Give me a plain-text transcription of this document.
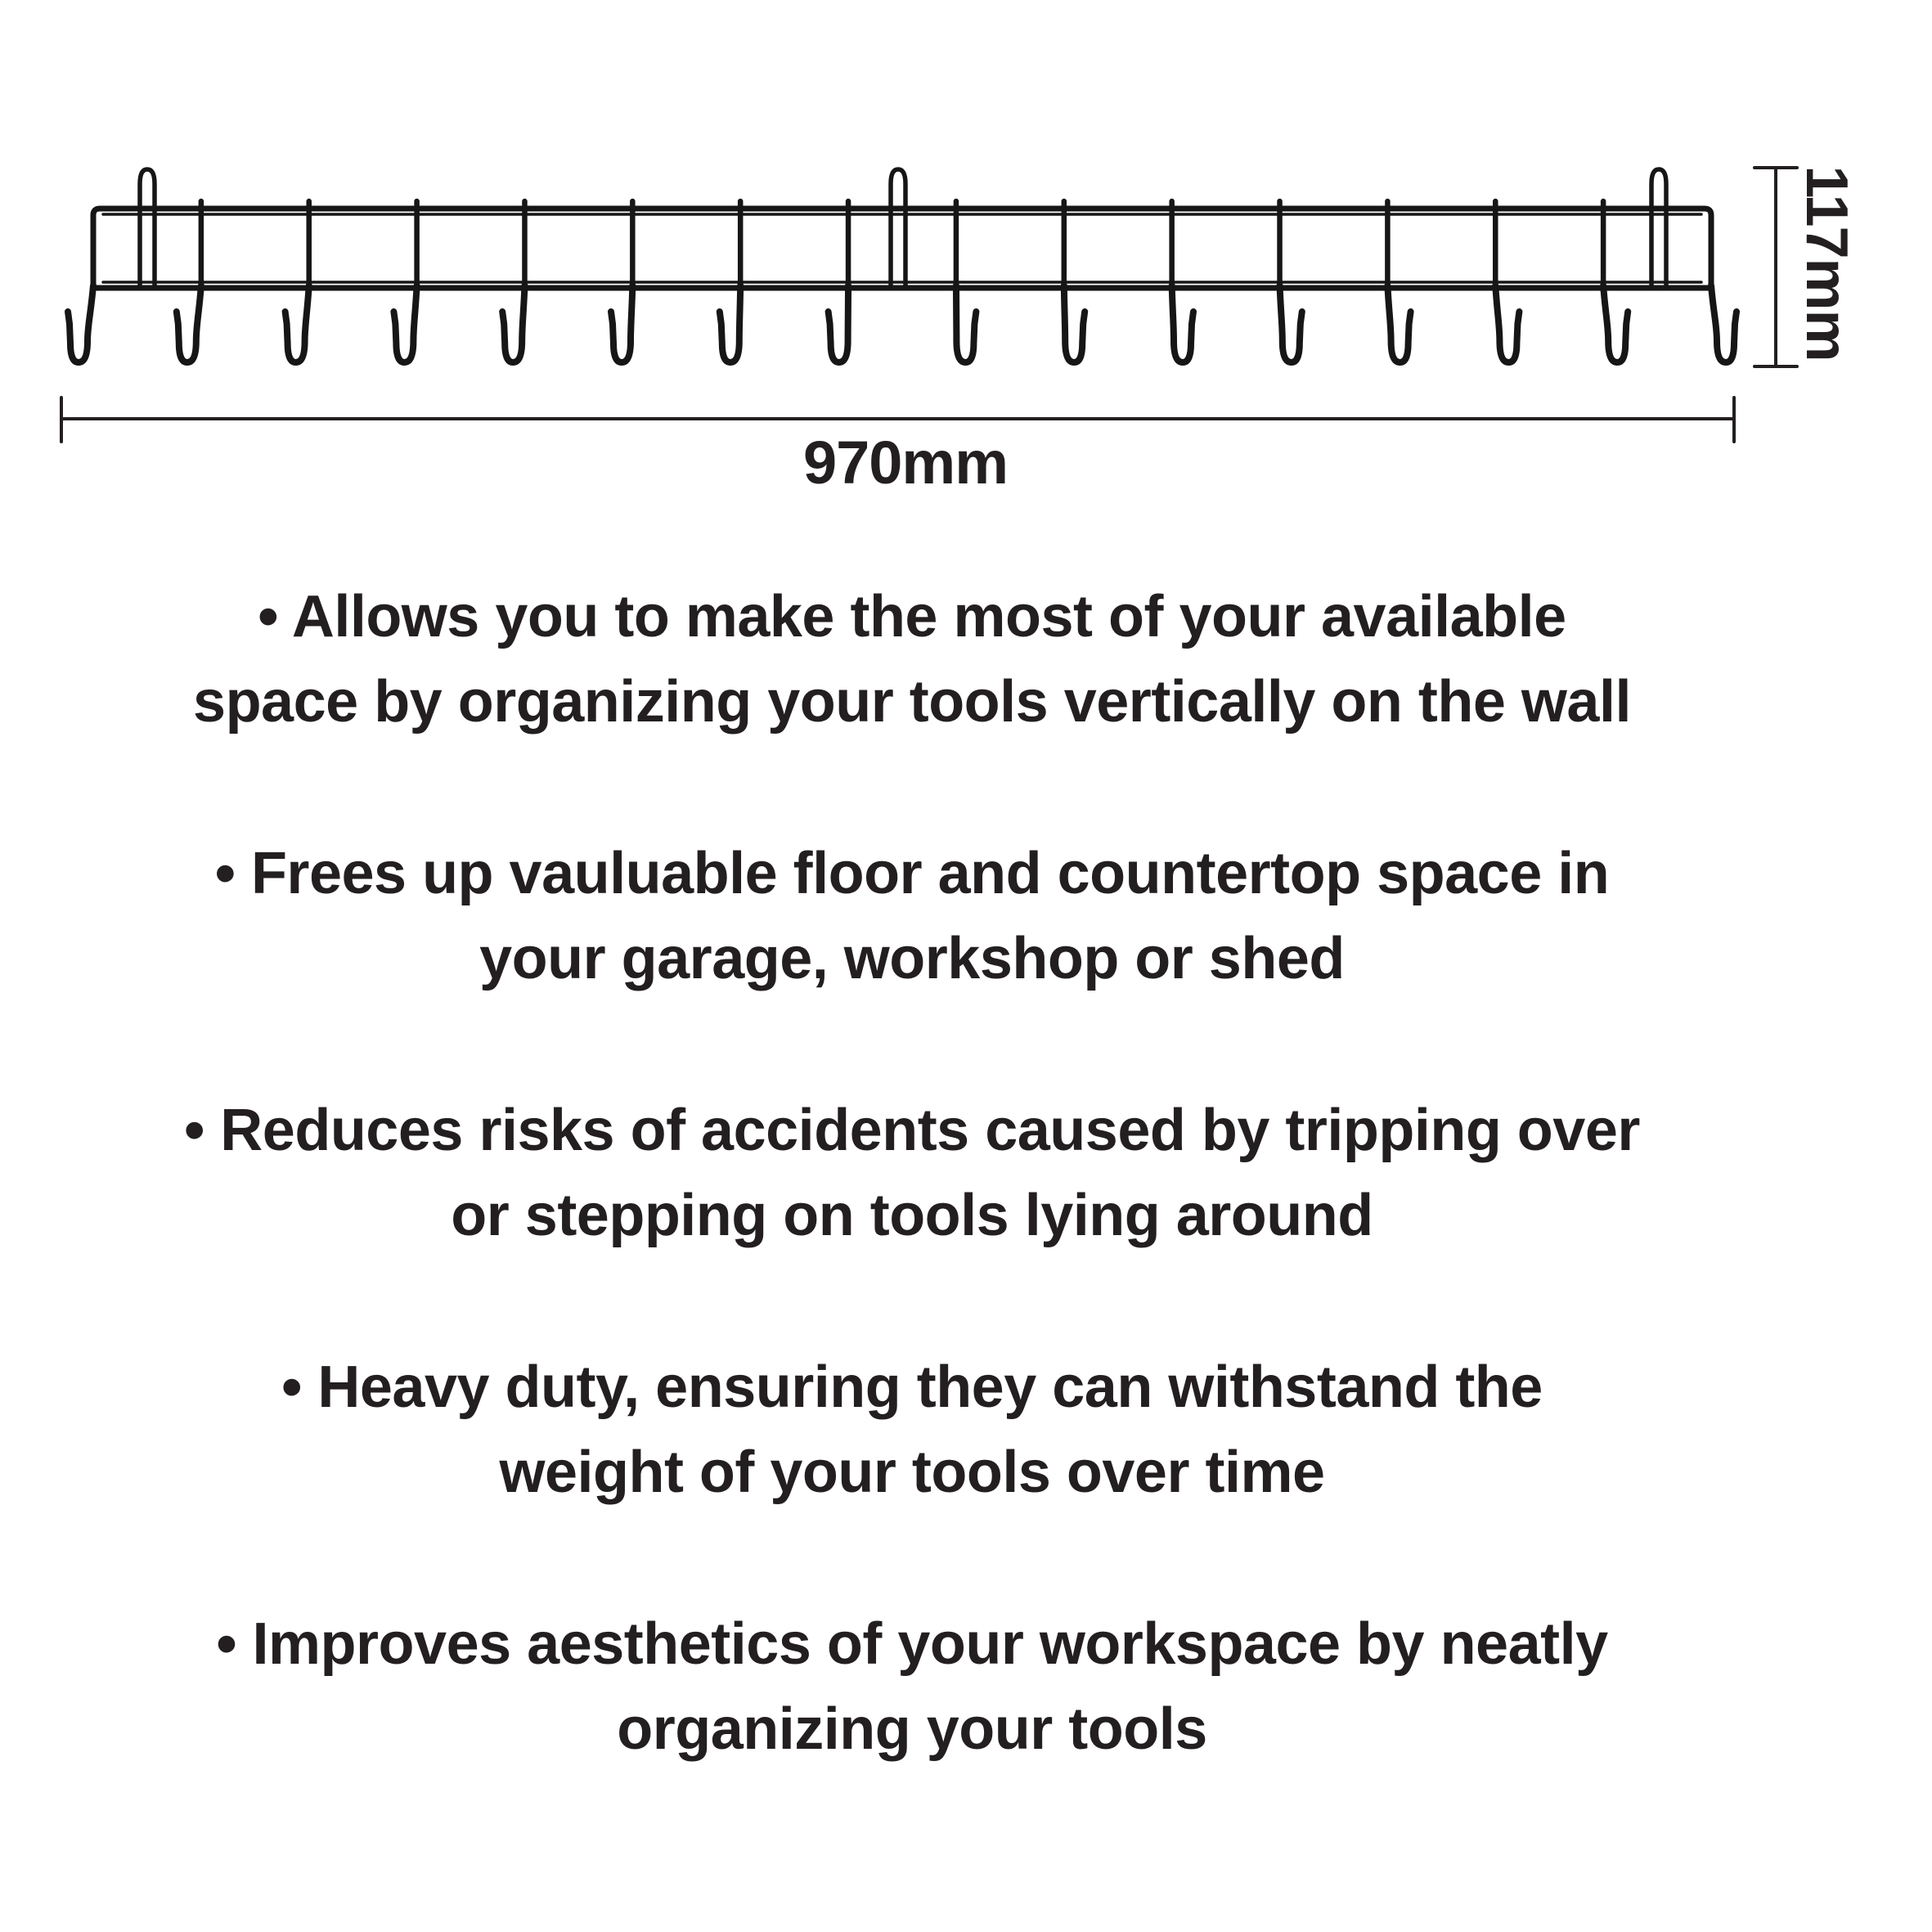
970mm
117mm

• Allows you to make the most of your available
space by organizing your tools vertically on the wall

• Frees up vauluable floor and countertop space in
your garage, workshop or shed

• Reduces risks of accidents caused by tripping over
or stepping on tools lying around

• Heavy duty, ensuring they can withstand the
weight of your tools over time

• Improves aesthetics of your workspace by neatly
organizing your tools
